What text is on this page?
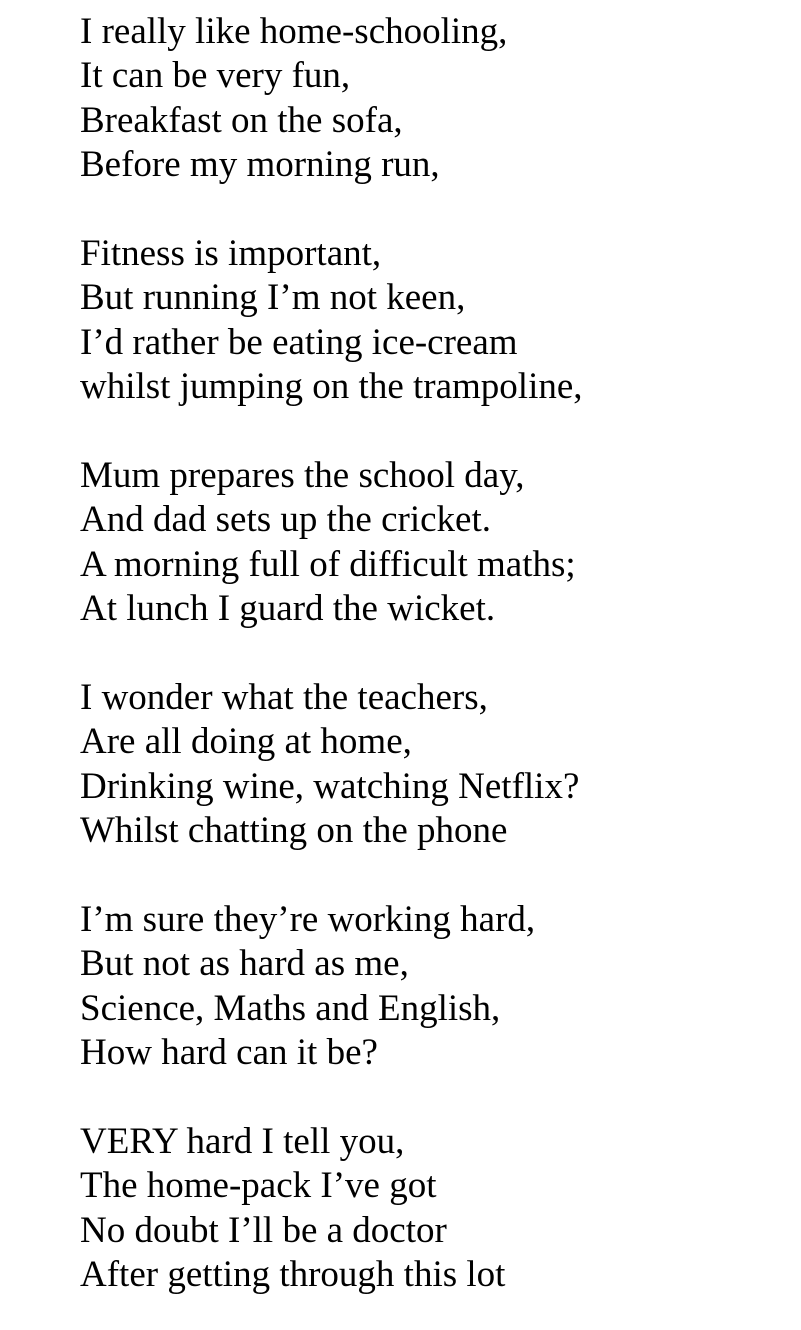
I really like home-schooling,
It can be very fun,
Breakfast on the sofa,
Before my morning run,
Fitness is important,
But running I’m not keen,
I’d rather be eating ice-cream
whilst jumping on the trampoline,
Mum prepares the school day,
And dad sets up the cricket.
A morning full of difficult maths;
At lunch I guard the wicket.
I wonder what the teachers,
Are all doing at home,
Drinking wine, watching Netflix?
Whilst chatting on the phone
I’m sure they’re working hard,
But not as hard as me,
Science, Maths and English,
How hard can it be?
VERY hard I tell you,
The home-pack I’ve got
No doubt I’ll be a doctor
After getting through this lot
